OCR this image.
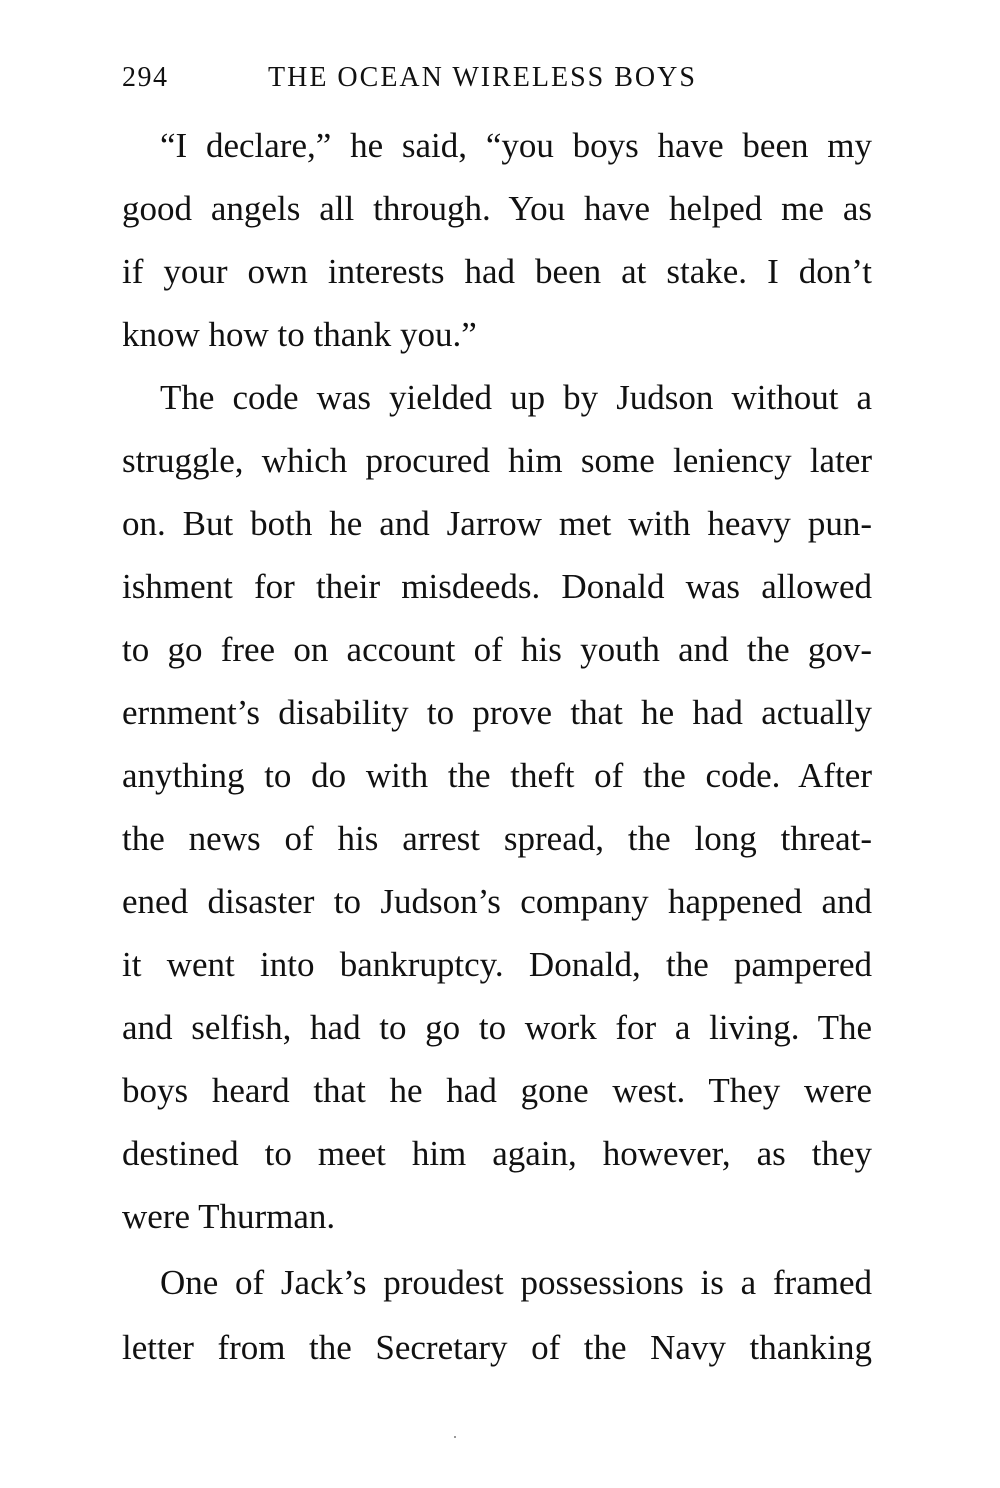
294	THE OCEAN WIRELESS BOYS
“I declare,” he said, “you boys have been my
good angels all through. You have helped me as
if your own interests had been at stake. I don’t
know how to thank you.”
The code was yielded up by Judson without a
struggle, which procured him some leniency later
on. But both he and Jarrow met with heavy pun-
ishment for their misdeeds. Donald was allowed
to go free on account of his youth and the gov-
ernment’s disability to prove that he had actually
anything to do with the theft of the code. After
the news of his arrest spread, the long threat-
ened disaster to Judson’s company happened and
it went into bankruptcy. Donald, the pampered
and selfish, had to go to work for a living. The
boys heard that he had gone west. They were
destined to meet him again, however, as they
were Thurman.
One of Jack’s proudest possessions is a framed
letter from the Secretary of the Navy thanking
